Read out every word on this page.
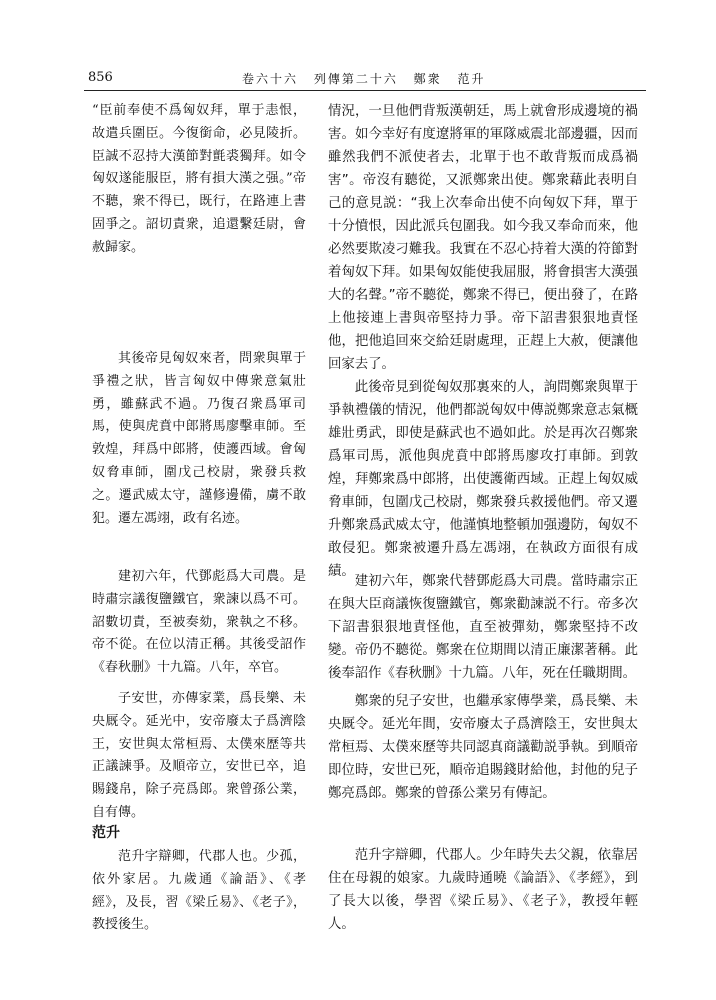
856	卷六十六 列傳第二十六 鄭衆 范升
“臣前奉使不爲匈奴拜，單于恚恨，故遣兵圍臣。今復銜命，必見陵折。臣誠不忍持大漢節對氈裘獨拜。如令匈奴遂能服臣，將有損大漢之强。”帝不聽，衆不得已，既行，在路連上書固爭之。詔切責衆，追還繫廷尉，會赦歸家。
其後帝見匈奴來者，問衆與單于爭禮之狀，皆言匈奴中傳衆意氣壯勇，雖蘇武不過。乃復召衆爲軍司馬，使與虎賁中郎將馬廖擊車師。至敦煌，拜爲中郎將，使護西域。會匈奴脅車師，圍戊己校尉，衆發兵救之。遷武威太守，謹修邊備，虜不敢犯。遷左馮翊，政有名迹。
建初六年，代鄧彪爲大司農。是時肅宗議復鹽鐵官，衆諫以爲不可。詔數切責，至被奏劾，衆執之不移。帝不從。在位以清正稱。其後受詔作《春秋删》十九篇。八年，卒官。
子安世，亦傳家業，爲長樂、未央厩令。延光中，安帝廢太子爲濟陰王，安世與太常桓焉、太僕來歷等共正議諫爭。及順帝立，安世已卒，追賜錢帛，除子亮爲郎。衆曾孫公業，自有傳。
范升
范升字辯卿，代郡人也。少孤，依外家居。九歲通《論語》、《孝經》，及長，習《梁丘易》、《老子》，教授後生。
情況，一旦他們背叛漢朝廷，馬上就會形成邊境的禍害。如今幸好有度遼將軍的軍隊威震北部邊疆，因而雖然我們不派使者去，北單于也不敢背叛而成爲禍害”。帝沒有聽從，又派鄭衆出使。鄭衆藉此表明自己的意見説：“我上次奉命出使不向匈奴下拜，單于十分憤恨，因此派兵包圍我。如今我又奉命而來，他必然要欺凌刁難我。我實在不忍心持着大漢的符節對着匈奴下拜。如果匈奴能使我屈服，將會損害大漢强大的名聲。”帝不聽從，鄭衆不得已，便出發了，在路上他接連上書與帝堅持力爭。帝下詔書狠狠地責怪他，把他追回來交給廷尉處理，正趕上大赦，便讓他回家去了。
此後帝見到從匈奴那裏來的人，詢問鄭衆與單于爭執禮儀的情況，他們都説匈奴中傳説鄭衆意志氣概雄壯勇武，即使是蘇武也不過如此。於是再次召鄭衆爲軍司馬，派他與虎賁中郎將馬廖攻打車師。到敦煌，拜鄭衆爲中郎將，出使護衛西域。正趕上匈奴威脅車師，包圍戊己校尉，鄭衆發兵救援他們。帝又遷升鄭衆爲武威太守，他謹慎地整頓加强邊防，匈奴不敢侵犯。鄭衆被遷升爲左馮翊，在執政方面很有成績。
建初六年，鄭衆代替鄧彪爲大司農。當時肅宗正在與大臣商議恢復鹽鐵官，鄭衆勸諫説不行。帝多次下詔書狠狠地責怪他，直至被彈劾，鄭衆堅持不改變。帝仍不聽從。鄭衆在位期間以清正廉潔著稱。此後奉詔作《春秋删》十九篇。八年，死在任職期間。
鄭衆的兒子安世，也繼承家傳學業，爲長樂、未央厩令。延光年間，安帝廢太子爲濟陰王，安世與太常桓焉、太僕來歷等共同認真商議勸説爭執。到順帝即位時，安世已死，順帝追賜錢財給他，封他的兒子鄭亮爲郎。鄭衆的曾孫公業另有傳記。
范升字辯卿，代郡人。少年時失去父親，依靠居住在母親的娘家。九歲時通曉《論語》、《孝經》，到了長大以後，學習《梁丘易》、《老子》，教授年輕人。
